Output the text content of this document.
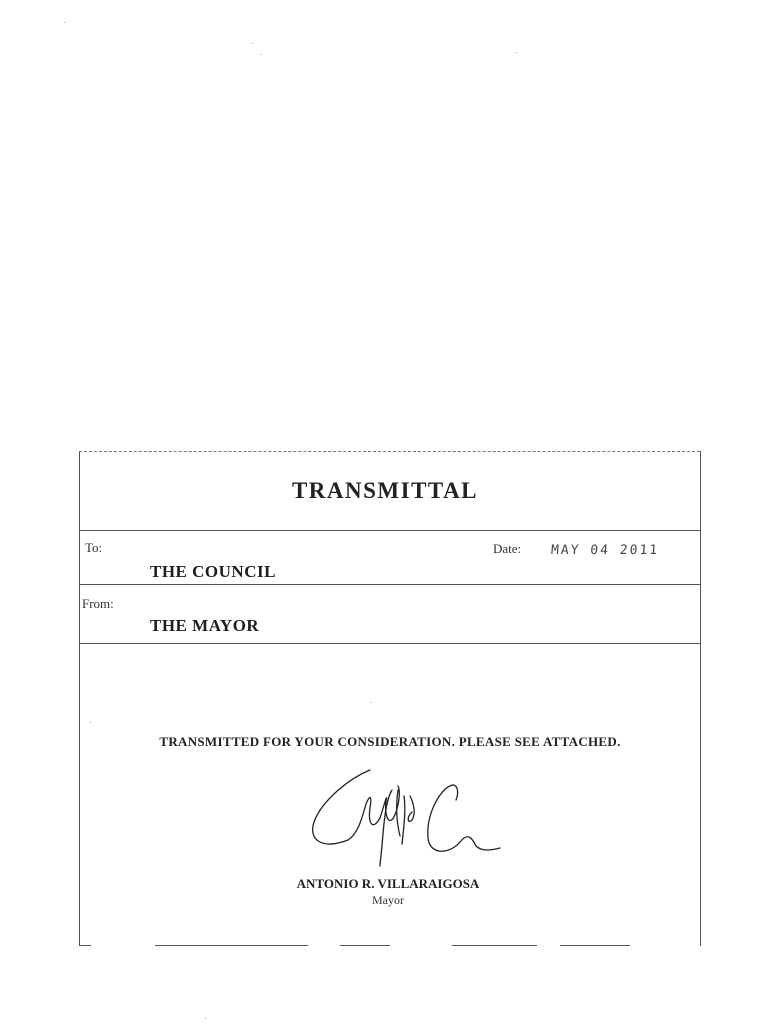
TRANSMITTAL
To:
THE COUNCIL
Date: MAY 04 2011
From:
THE MAYOR
TRANSMITTED FOR YOUR CONSIDERATION. PLEASE SEE ATTACHED.
ANTONIO R. VILLARAIGOSA
Mayor
